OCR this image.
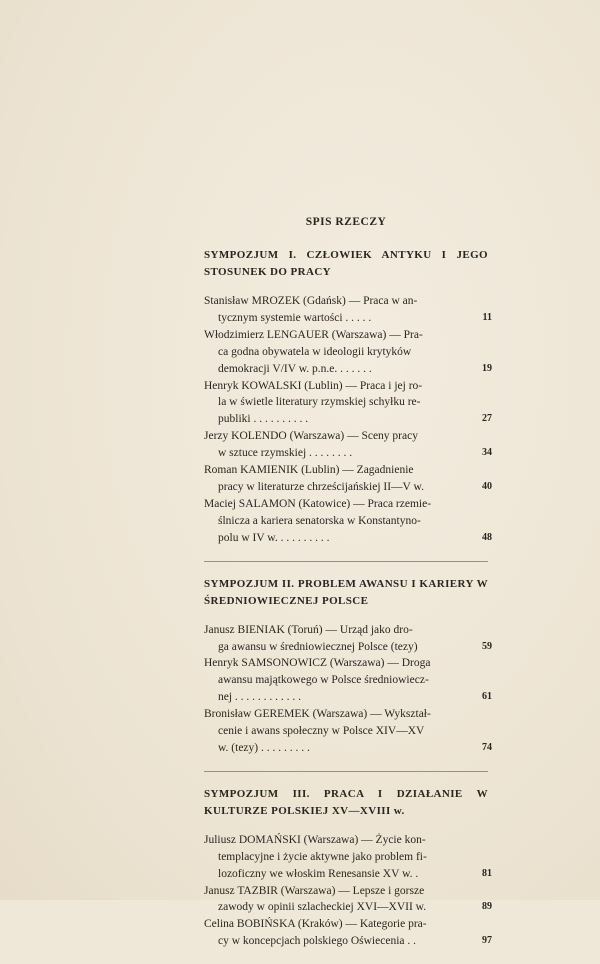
SPIS RZECZY
SYMPOZJUM I. CZŁOWIEK ANTYKU I JEGO STOSUNEK DO PRACY
Stanisław MROZEK (Gdańsk) — Praca w an-
tycznym systemie wartości . . . . .	11
Włodzimierz LENGAUER (Warszawa) — Pra-
ca godna obywatela w ideologii krytyków
demokracji V/IV w. p.n.e. . . . . . .	19
Henryk KOWALSKI (Lublin) — Praca i jej ro-
la w świetle literatury rzymskiej schyłku re-
publiki . . . . . . . . . .	27
Jerzy KOLENDO (Warszawa) — Sceny pracy
w sztuce rzymskiej . . . . . . . .	34
Roman KAMIENIK (Lublin) — Zagadnienie
pracy w literaturze chrześcijańskiej II—V w.	40
Maciej SALAMON (Katowice) — Praca rzemie-
ślnicza a kariera senatorska w Konstantyno-
polu w IV w. . . . . . . . . .	48
SYMPOZJUM II. PROBLEM AWANSU I KARIERY W ŚREDNIOWIECZNEJ POLSCE
Janusz BIENIAK (Toruń) — Urząd jako dro-
ga awansu w średniowiecznej Polsce (tezy)	59
Henryk SAMSONOWICZ (Warszawa) — Droga
awansu majątkowego w Polsce średniowiecz-
nej . . . . . . . . . . . .	61
Bronisław GEREMEK (Warszawa) — Wykształ-
cenie i awans społeczny w Polsce XIV—XV
w. (tezy) . . . . . . . . .	74
SYMPOZJUM III. PRACA I DZIAŁANIE W KULTURZE POLSKIEJ XV—XVIII w.
Juliusz DOMAŃSKI (Warszawa) — Życie kon-
templacyjne i życie aktywne jako problem fi-
lozoficzny we włoskim Renesansie XV w. .	81
Janusz TAZBIR (Warszawa) — Lepsze i gorsze
zawody w opinii szlacheckiej XVI—XVII w.	89
Celina BOBIŃSKA (Kraków) — Kategorie pra-
cy w koncepcjach polskiego Oświecenia . .	97
